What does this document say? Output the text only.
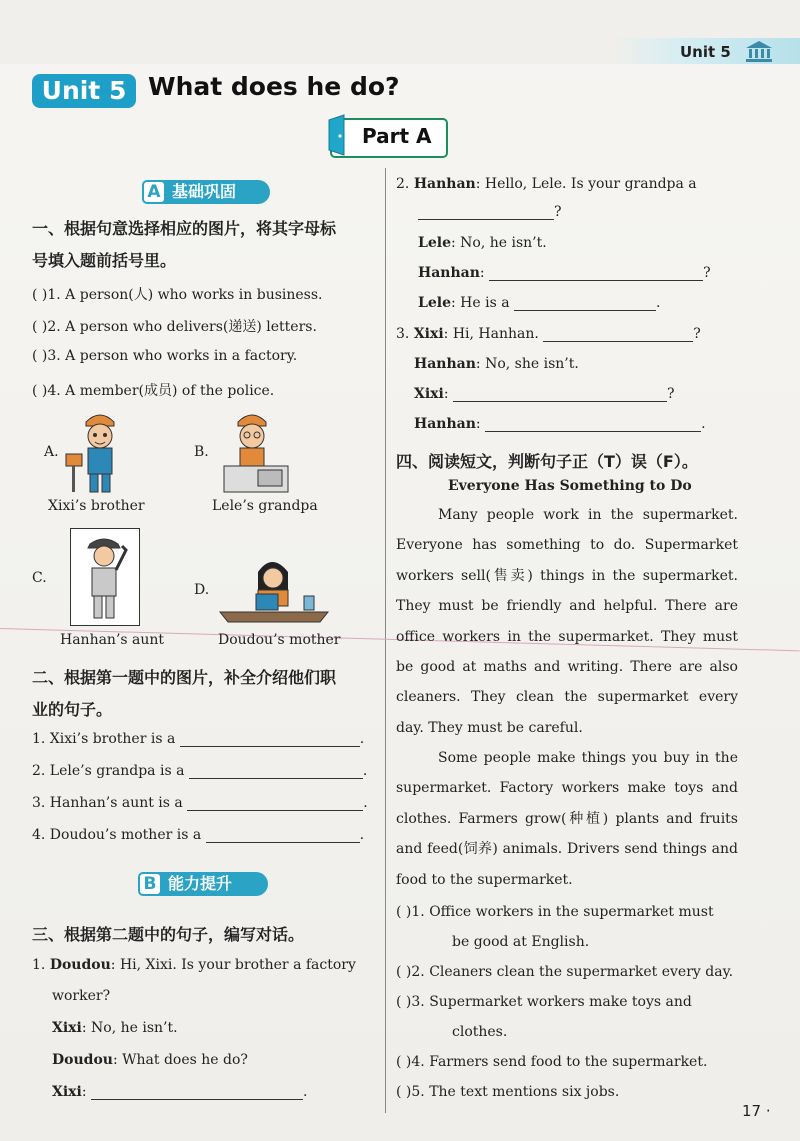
Unit 5
Unit 5 What does he do?
Part A
A 基础巩固
一、根据句意选择相应的图片，将其字母标
号填入题前括号里。
( )1. A person(人) who works in business.
( )2. A person who delivers(递送) letters.
( )3. A person who works in a factory.
( )4. A member(成员) of the police.
A.
Xixi’s brother
B.
Lele’s grandpa
C.
Hanhan’s aunt
D.
Doudou’s mother
二、根据第一题中的图片，补全介绍他们职
业的句子。
1. Xixi’s brother is a	.
2. Lele’s grandpa is a	.
3. Hanhan’s aunt is a	.
4. Doudou’s mother is a	.
B 能力提升
三、根据第二题中的句子，编写对话。
1. Doudou: Hi, Xixi. Is your brother a factory
worker?
Xixi: No, he isn’t.
Doudou: What does he do?
Xixi:	.
2. Hanhan: Hello, Lele. Is your grandpa a
?
Lele: No, he isn’t.
Hanhan:	?
Lele: He is a	.
3. Xixi: Hi, Hanhan.	?
Hanhan: No, she isn’t.
Xixi:	?
Hanhan:	.
四、阅读短文，判断句子正（T）误（F）。
Everyone Has Something to Do
Many people work in the supermarket. Everyone has something to do. Supermarket workers sell(售卖) things in the supermarket. They must be friendly and helpful. There are office workers in the supermarket. They must be good at maths and writing. There are also cleaners. They clean the supermarket every day. They must be careful.
Some people make things you buy in the supermarket. Factory workers make toys and clothes. Farmers grow(种植) plants and fruits and feed(饲养) animals. Drivers send things and food to the supermarket.
( )1. Office workers in the supermarket must
be good at English.
( )2. Cleaners clean the supermarket every day.
( )3. Supermarket workers make toys and
clothes.
( )4. Farmers send food to the supermarket.
( )5. The text mentions six jobs.
17 ·
